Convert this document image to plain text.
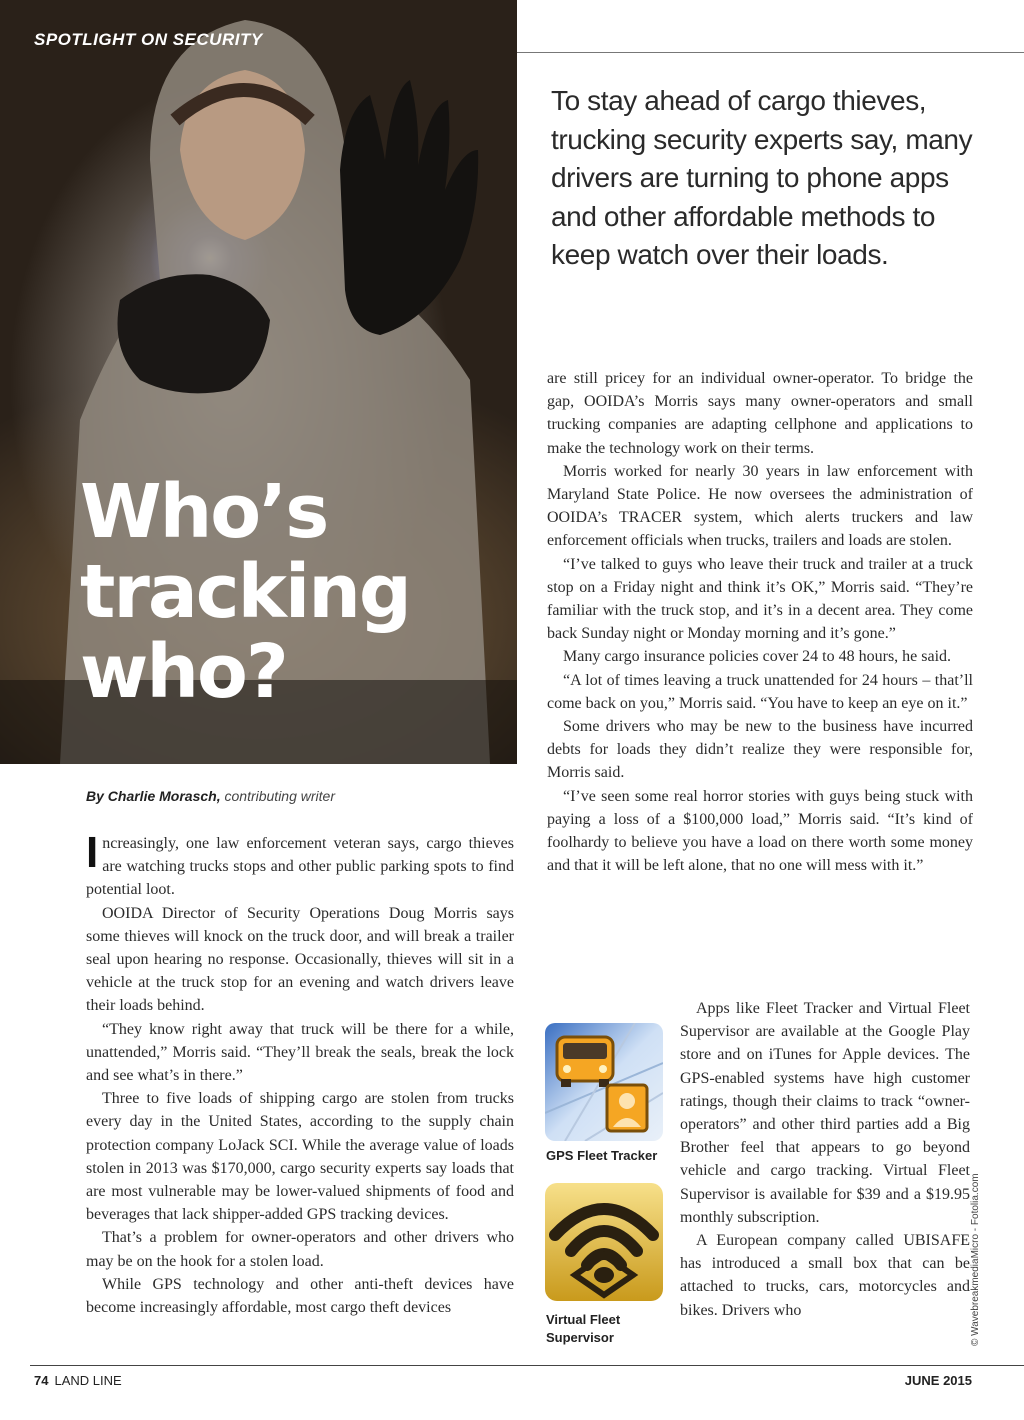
SPOTLIGHT ON SECURITY
Who’s
tracking
who?

To stay ahead of cargo thieves, trucking security experts say, many drivers are turning to phone apps and other affordable methods to keep watch over their loads.

By Charlie Morasch, contributing writer

Increasingly, one law enforcement veteran says, cargo thieves are watching trucks stops and other public parking spots to find potential loot.

OOIDA Director of Security Operations Doug Morris says some thieves will knock on the truck door, and will break a trailer seal upon hearing no response. Occasionally, thieves will sit in a vehicle at the truck stop for an evening and watch drivers leave their loads behind.

“They know right away that truck will be there for a while, unattended,” Morris said. “They’ll break the seals, break the lock and see what’s in there.”

Three to five loads of shipping cargo are stolen from trucks every day in the United States, according to the supply chain protection company LoJack SCI. While the average value of loads stolen in 2013 was $170,000, cargo security experts say loads that are most vulnerable may be lower-valued shipments of food and beverages that lack shipper-added GPS tracking devices.

That’s a problem for owner-operators and other drivers who may be on the hook for a stolen load.

While GPS technology and other anti-theft devices have become increasingly affordable, most cargo theft devices

are still pricey for an individual owner-operator. To bridge the gap, OOIDA’s Morris says many owner-operators and small trucking companies are adapting cellphone and applications to make the technology work on their terms.

Morris worked for nearly 30 years in law enforcement with Maryland State Police. He now oversees the administration of OOIDA’s TRACER system, which alerts truckers and law enforcement officials when trucks, trailers and loads are stolen.

“I’ve talked to guys who leave their truck and trailer at a truck stop on a Friday night and think it’s OK,” Morris said. “They’re familiar with the truck stop, and it’s in a decent area. They come back Sunday night or Monday morning and it’s gone.”

Many cargo insurance policies cover 24 to 48 hours, he said.

“A lot of times leaving a truck unattended for 24 hours – that’ll come back on you,” Morris said. “You have to keep an eye on it.”

Some drivers who may be new to the business have incurred debts for loads they didn’t realize they were responsible for, Morris said.

“I’ve seen some real horror stories with guys being stuck with paying a loss of a $100,000 load,” Morris said. “It’s kind of foolhardy to believe you have a load on there worth some money and that it will be left alone, that no one will mess with it.”

Apps like Fleet Tracker and Virtual Fleet Supervisor are available at the Google Play store and on iTunes for Apple devices. The GPS-enabled systems have high customer ratings, though their claims to track “owner-operators” and other third parties add a Big Brother feel that appears to go beyond vehicle and cargo tracking. Virtual Fleet Supervisor is available for $39 and a $19.95 monthly subscription.

A European company called UBISAFE has introduced a small box that can be attached to trucks, cars, motorcycles and bikes. Drivers who

GPS Fleet Tracker
Virtual Fleet Supervisor	© WavebreakmediaMicro - Fotolia.com
74 LAND LINE	JUNE 2015
